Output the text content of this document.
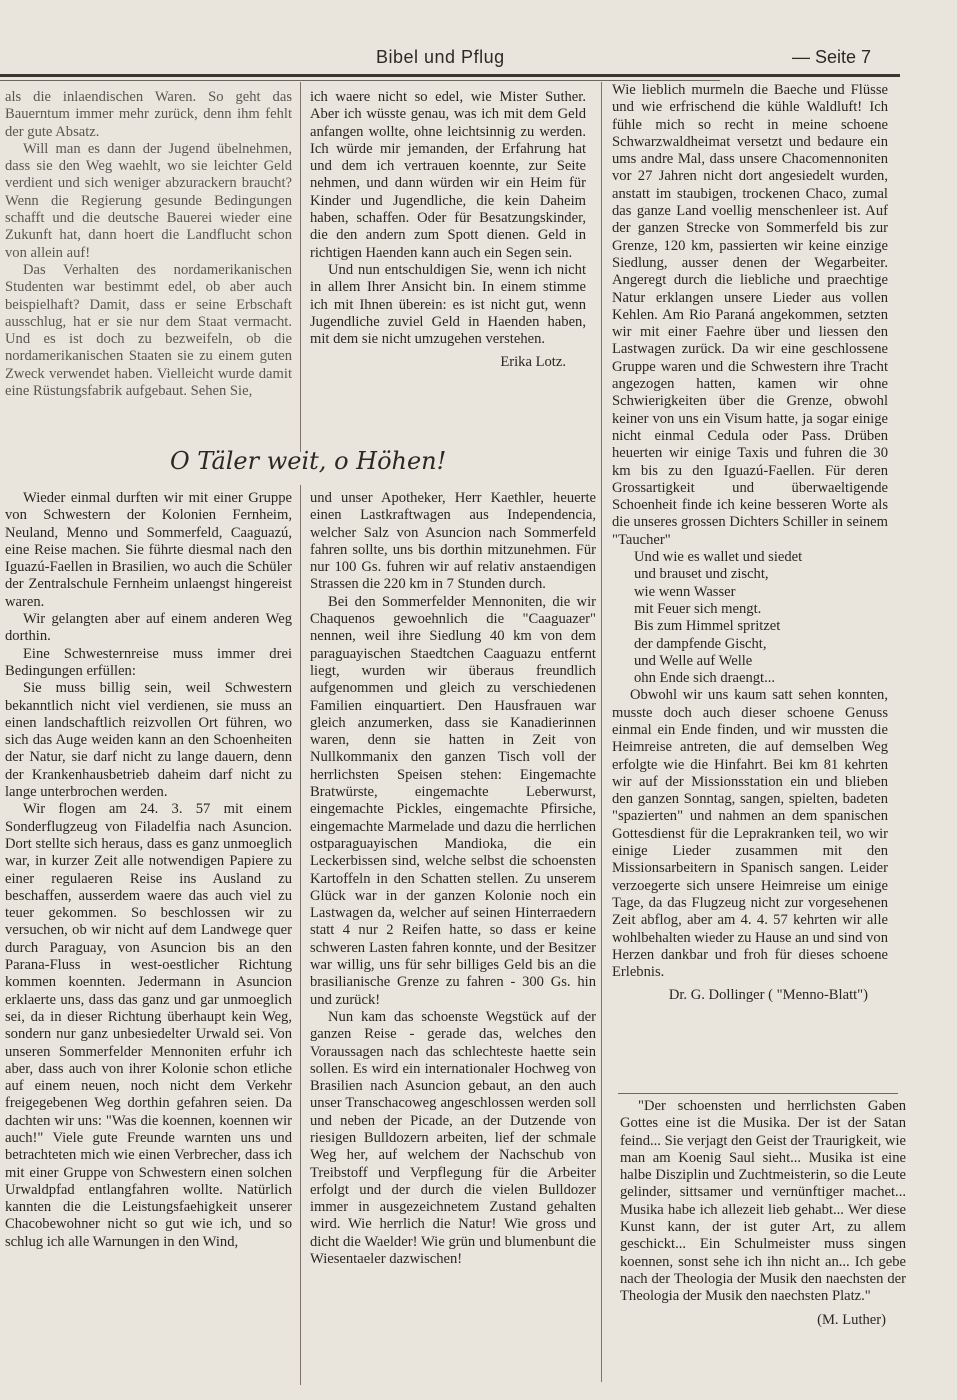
Bibel und Pflug	— Seite 7

als die inlaendischen Waren. So geht das Bauerntum immer mehr zurück, denn ihm fehlt der gute Absatz.

Will man es dann der Jugend übelnehmen, dass sie den Weg waehlt, wo sie leichter Geld verdient und sich weniger abzurackern braucht? Wenn die Regierung gesunde Bedingungen schafft und die deutsche Bauerei wieder eine Zukunft hat, dann hoert die Landflucht schon von allein auf!

Das Verhalten des nordamerikanischen Studenten war bestimmt edel, ob aber auch beispielhaft? Damit, dass er seine Erbschaft ausschlug, hat er sie nur dem Staat vermacht. Und es ist doch zu bezweifeln, ob die nordamerikanischen Staaten sie zu einem guten Zweck verwendet haben. Vielleicht wurde damit eine Rüstungsfabrik aufgebaut. Sehen Sie,

ich waere nicht so edel, wie Mister Suther. Aber ich wüsste genau, was ich mit dem Geld anfangen wollte, ohne leichtsinnig zu werden. Ich würde mir jemanden, der Erfahrung hat und dem ich vertrauen koennte, zur Seite nehmen, und dann würden wir ein Heim für Kinder und Jugendliche, die kein Daheim haben, schaffen. Oder für Besatzungskinder, die den andern zum Spott dienen. Geld in richtigen Haenden kann auch ein Segen sein.

Und nun entschuldigen Sie, wenn ich nicht in allem Ihrer Ansicht bin. In einem stimme ich mit Ihnen überein: es ist nicht gut, wenn Jugendliche zuviel Geld in Haenden haben, mit dem sie nicht umzugehen verstehen.

Erika Lotz.

O Täler weit, o Höhen!

Wieder einmal durften wir mit einer Gruppe von Schwestern der Kolonien Fernheim, Neuland, Menno und Sommerfeld, Caaguazú, eine Reise machen. Sie führte diesmal nach den Iguazú-Faellen in Brasilien, wo auch die Schüler der Zentralschule Fernheim unlaengst hingereist waren.

Wir gelangten aber auf einem anderen Weg dorthin.

Eine Schwesternreise muss immer drei Bedingungen erfüllen:

Sie muss billig sein, weil Schwestern bekanntlich nicht viel verdienen, sie muss an einen landschaftlich reizvollen Ort führen, wo sich das Auge weiden kann an den Schoenheiten der Natur, sie darf nicht zu lange dauern, denn der Krankenhausbetrieb daheim darf nicht zu lange unterbrochen werden.

Wir flogen am 24. 3. 57 mit einem Sonderflugzeug von Filadelfia nach Asuncion. Dort stellte sich heraus, dass es ganz unmoeglich war, in kurzer Zeit alle notwendigen Papiere zu einer regulaeren Reise ins Ausland zu beschaffen, ausserdem waere das auch viel zu teuer gekommen. So beschlossen wir zu versuchen, ob wir nicht auf dem Landwege quer durch Paraguay, von Asuncion bis an den Parana-Fluss in west-oestlicher Richtung kommen koennten. Jedermann in Asuncion erklaerte uns, dass das ganz und gar unmoeglich sei, da in dieser Richtung überhaupt kein Weg, sondern nur ganz unbesiedelter Urwald sei. Von unseren Sommerfelder Mennoniten erfuhr ich aber, dass auch von ihrer Kolonie schon etliche auf einem neuen, noch nicht dem Verkehr freigegebenen Weg dorthin gefahren seien. Da dachten wir uns: "Was die koennen, koennen wir auch!" Viele gute Freunde warnten uns und betrachteten mich wie einen Verbrecher, dass ich mit einer Gruppe von Schwestern einen solchen Urwaldpfad entlangfahren wollte. Natürlich kannten die die Leistungsfaehigkeit unserer Chacobewohner nicht so gut wie ich, und so schlug ich alle Warnungen in den Wind,

und unser Apotheker, Herr Kaethler, heuerte einen Lastkraftwagen aus Independencia, welcher Salz von Asuncion nach Sommerfeld fahren sollte, uns bis dorthin mitzunehmen. Für nur 100 Gs. fuhren wir auf relativ anstaendigen Strassen die 220 km in 7 Stunden durch.

Bei den Sommerfelder Mennoniten, die wir Chaquenos gewoehnlich die "Caaguazer" nennen, weil ihre Siedlung 40 km von dem paraguayischen Staedtchen Caaguazu entfernt liegt, wurden wir überaus freundlich aufgenommen und gleich zu verschiedenen Familien einquartiert. Den Hausfrauen war gleich anzumerken, dass sie Kanadierinnen waren, denn sie hatten in Zeit von Nullkommanix den ganzen Tisch voll der herrlichsten Speisen stehen: Eingemachte Bratwürste, eingemachte Leberwurst, eingemachte Pickles, eingemachte Pfirsiche, eingemachte Marmelade und dazu die herrlichen ostparaguayischen Mandioka, die ein Leckerbissen sind, welche selbst die schoensten Kartoffeln in den Schatten stellen. Zu unserem Glück war in der ganzen Kolonie noch ein Lastwagen da, welcher auf seinen Hinterraedern statt 4 nur 2 Reifen hatte, so dass er keine schweren Lasten fahren konnte, und der Besitzer war willig, uns für sehr billiges Geld bis an die brasilianische Grenze zu fahren - 300 Gs. hin und zurück!

Nun kam das schoenste Wegstück auf der ganzen Reise - gerade das, welches den Voraussagen nach das schlechteste haette sein sollen. Es wird ein internationaler Hochweg von Brasilien nach Asuncion gebaut, an den auch unser Transchacoweg angeschlossen werden soll und neben der Picade, an der Dutzende von riesigen Bulldozern arbeiten, lief der schmale Weg her, auf welchem der Nachschub von Treibstoff und Verpflegung für die Arbeiter erfolgt und der durch die vielen Bulldozer immer in ausgezeichnetem Zustand gehalten wird. Wie herrlich die Natur! Wie gross und dicht die Waelder! Wie grün und blumenbunt die Wiesentaeler dazwischen!

Wie lieblich murmeln die Baeche und Flüsse und wie erfrischend die kühle Waldluft! Ich fühle mich so recht in meine schoene Schwarzwaldheimat versetzt und bedaure ein ums andre Mal, dass unsere Chacomennoniten vor 27 Jahren nicht dort angesiedelt wurden, anstatt im staubigen, trockenen Chaco, zumal das ganze Land voellig menschenleer ist. Auf der ganzen Strecke von Sommerfeld bis zur Grenze, 120 km, passierten wir keine einzige Siedlung, ausser denen der Wegarbeiter. Angeregt durch die liebliche und praechtige Natur erklangen unsere Lieder aus vollen Kehlen. Am Rio Paraná angekommen, setzten wir mit einer Faehre über und liessen den Lastwagen zurück. Da wir eine geschlossene Gruppe waren und die Schwestern ihre Tracht angezogen hatten, kamen wir ohne Schwierigkeiten über die Grenze, obwohl keiner von uns ein Visum hatte, ja sogar einige nicht einmal Cedula oder Pass. Drüben heuerten wir einige Taxis und fuhren die 30 km bis zu den Iguazú-Faellen. Für deren Grossartigkeit und überwaeltigende Schoenheit finde ich keine besseren Worte als die unseres grossen Dichters Schiller in seinem "Taucher"

Und wie es wallet und siedet

und brauset und zischt,

wie wenn Wasser

mit Feuer sich mengt.

Bis zum Himmel spritzet

der dampfende Gischt,

und Welle auf Welle

ohn Ende sich draengt...

Obwohl wir uns kaum satt sehen konnten, musste doch auch dieser schoene Genuss einmal ein Ende finden, und wir mussten die Heimreise antreten, die auf demselben Weg erfolgte wie die Hinfahrt. Bei km 81 kehrten wir auf der Missionsstation ein und blieben den ganzen Sonntag, sangen, spielten, badeten "spazierten" und nahmen an dem spanischen Gottesdienst für die Leprakranken teil, wo wir einige Lieder zusammen mit den Missionsarbeitern in Spanisch sangen. Leider verzoegerte sich unsere Heimreise um einige Tage, da das Flugzeug nicht zur vorgesehenen Zeit abflog, aber am 4. 4. 57 kehrten wir alle wohlbehalten wieder zu Hause an und sind von Herzen dankbar und froh für dieses schoene Erlebnis.

Dr. G. Dollinger ( "Menno-Blatt")

"Der schoensten und herrlichsten Gaben Gottes eine ist die Musika. Der ist der Satan feind... Sie verjagt den Geist der Traurigkeit, wie man am Koenig Saul sieht... Musika ist eine halbe Disziplin und Zuchtmeisterin, so die Leute gelinder, sittsamer und vernünftiger machet... Musika habe ich allezeit lieb gehabt... Wer diese Kunst kann, der ist guter Art, zu allem geschickt... Ein Schulmeister muss singen koennen, sonst sehe ich ihn nicht an... Ich gebe nach der Theologia der Musik den naechsten der Theologia der Musik den naechsten Platz."

(M. Luther)
